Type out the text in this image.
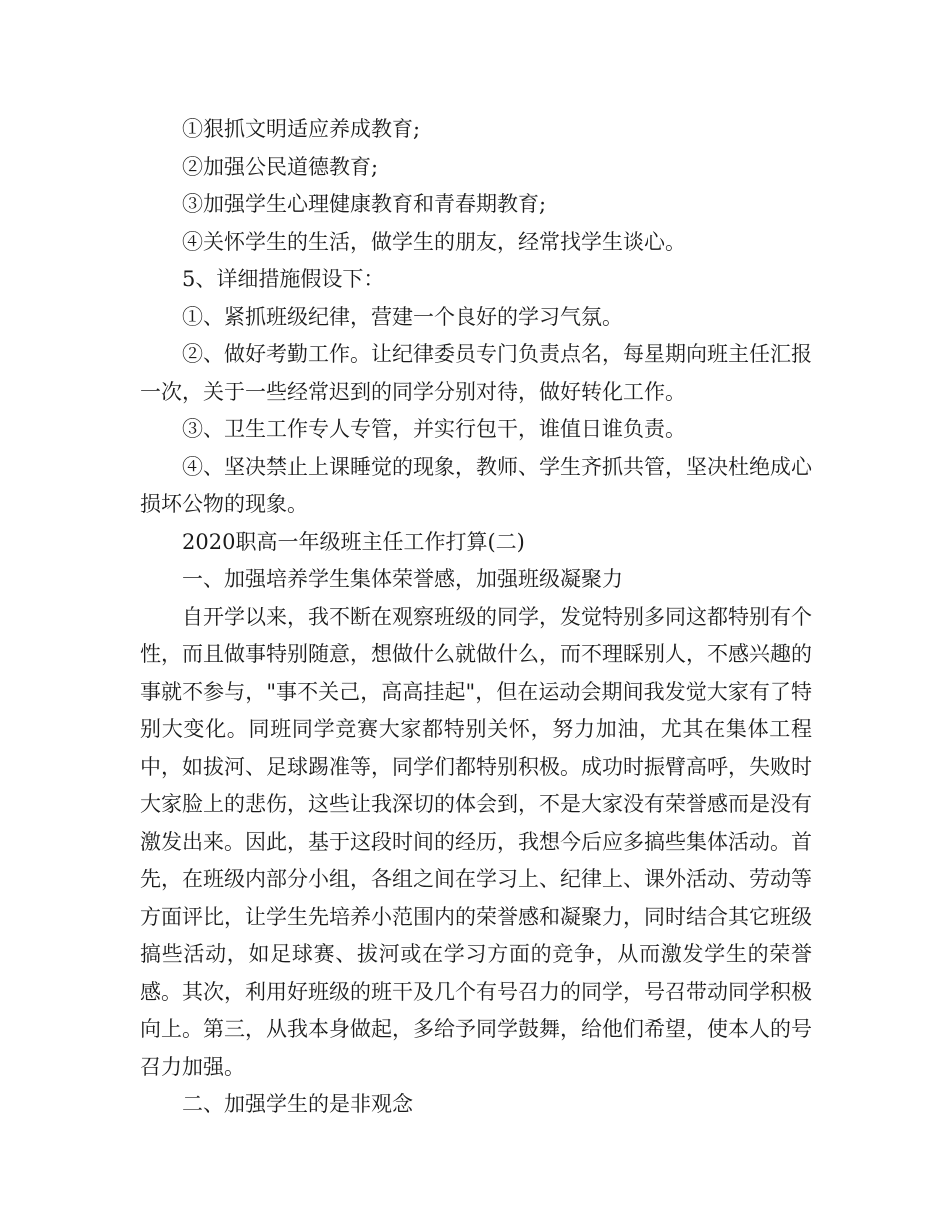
①狠抓文明适应养成教育;

②加强公民道德教育;

③加强学生心理健康教育和青春期教育;

④关怀学生的生活，做学生的朋友，经常找学生谈心。

5、详细措施假设下：

①、紧抓班级纪律，营建一个良好的学习气氛。

②、做好考勤工作。让纪律委员专门负责点名，每星期向班主任汇报一次，关于一些经常迟到的同学分别对待，做好转化工作。

③、卫生工作专人专管，并实行包干，谁值日谁负责。

④、坚决禁止上课睡觉的现象，教师、学生齐抓共管，坚决杜绝成心损坏公物的现象。

2020职高一年级班主任工作打算(二)

一、加强培养学生集体荣誉感，加强班级凝聚力

自开学以来，我不断在观察班级的同学，发觉特别多同这都特别有个性，而且做事特别随意，想做什么就做什么，而不理睬别人，不感兴趣的事就不参与，"事不关己，高高挂起"，但在运动会期间我发觉大家有了特别大变化。同班同学竞赛大家都特别关怀，努力加油，尤其在集体工程中，如拔河、足球踢准等，同学们都特别积极。成功时振臂高呼，失败时大家脸上的悲伤，这些让我深切的体会到，不是大家没有荣誉感而是没有激发出来。因此，基于这段时间的经历，我想今后应多搞些集体活动。首先，在班级内部分小组，各组之间在学习上、纪律上、课外活动、劳动等方面评比，让学生先培养小范围内的荣誉感和凝聚力，同时结合其它班级搞些活动，如足球赛、拔河或在学习方面的竞争，从而激发学生的荣誉感。其次，利用好班级的班干及几个有号召力的同学，号召带动同学积极向上。第三，从我本身做起，多给予同学鼓舞，给他们希望，使本人的号召力加强。

二、加强学生的是非观念
